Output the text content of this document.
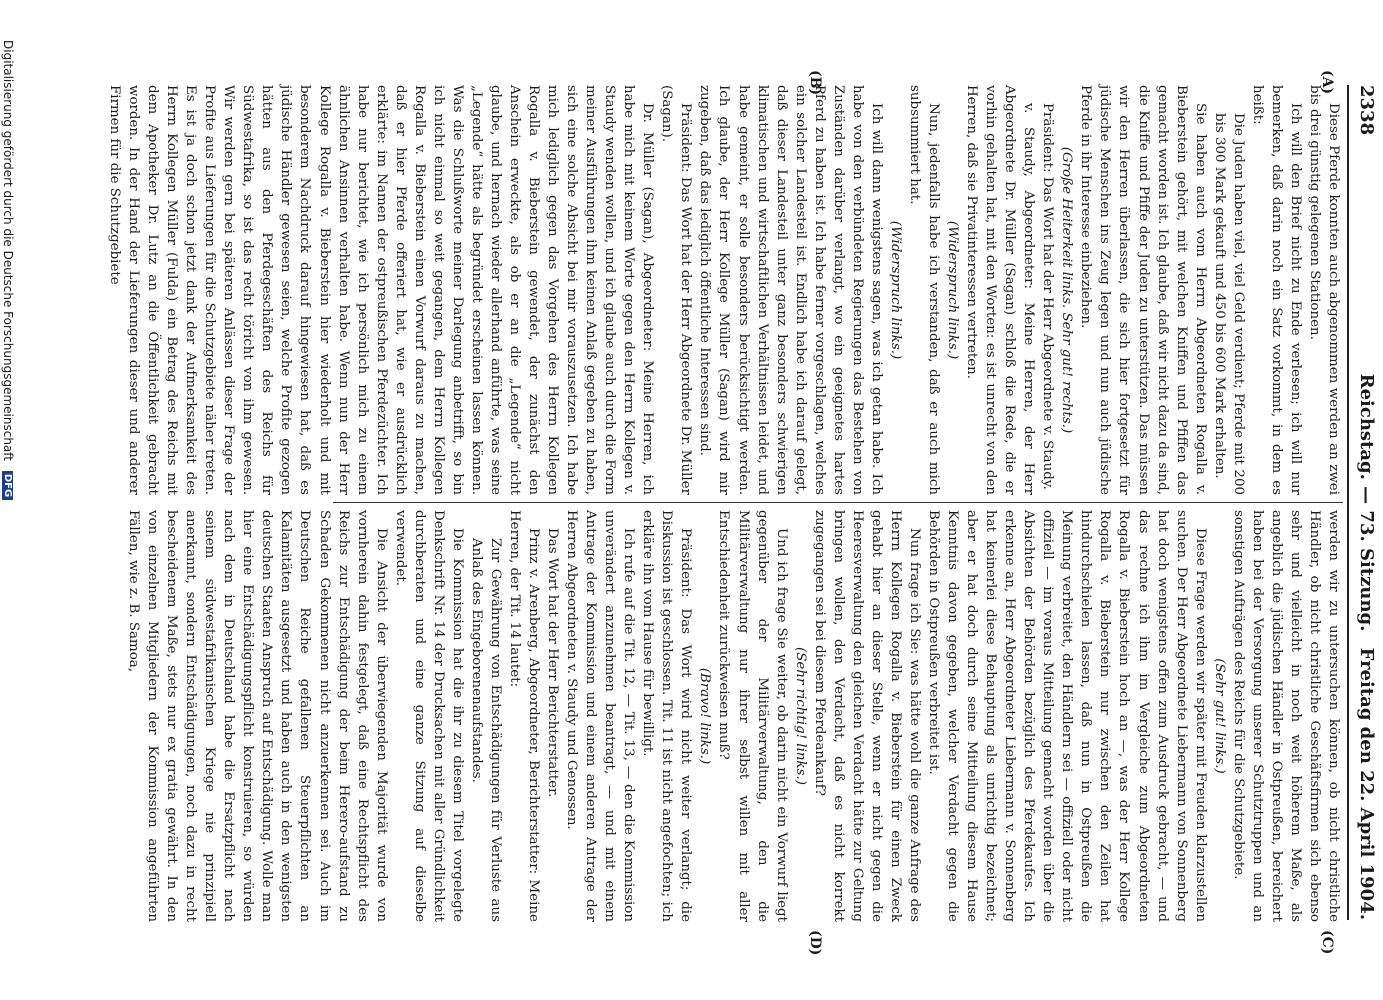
2338
Reichstag. — 73. Sitzung.
Freitag den 22. April 1904.
(A)
(B)
(C)
(D)

Diese Pferde konnten auch abgenommen werden an zwei bis drei günstig gelegenen Stationen.

Ich will den Brief nicht zu Ende verlesen; ich will nur bemerken, daß darin noch ein Satz vorkommt, in dem es heißt:

Die Juden haben viel, viel Geld verdient; Pferde mit 200 bis 300 Mark gekauft und 450 bis 600 Mark erhalten.

Sie haben auch vom Herrn Abgeordneten Rogalla v. Bieberstein gehört, mit welchen Kniffen und Pfiffen das gemacht worden ist. Ich glaube, daß wir nicht dazu da sind, die Kniffe und Pfiffe der Juden zu unterstützen. Das müssen wir den Herren überlassen, die sich hier fortgesetzt für jüdische Menschen ins Zeug legen und nun auch jüdische Pferde in ihr Interesse einbeziehen.

(Große Heiterkeit links. Sehr gut! rechts.)

Präsident: Das Wort hat der Herr Abgeordnete v. Staudy.

v. Staudy, Abgeordneter: Meine Herren, der Herr Abgeordnete Dr. Müller (Sagan) schloß die Rede, die er vorhin gehalten hat, mit den Worten: es ist unrecht von den Herren, daß sie Privatinteressen vertreten.

(Widerspruch links.)

Nun, jedenfalls habe ich verstanden, daß er auch mich subsummiert hat.

(Widerspruch links.)

Ich will dann wenigstens sagen, was ich getan habe. Ich habe von den verbündeten Regierungen das Bestehen von Zuständen darüber verlangt, wo ein geeignetes hartes Pferd zu haben ist. Ich habe ferner vorgeschlagen, welches ein solcher Landesteil ist. Endlich habe ich darauf gelegt, daß dieser Landesteil unter ganz besonders schwierigen klimatischen und wirtschaftlichen Verhältnissen leidet, und habe gemeint, er solle besonders berücksichtigt werden. Ich glaube, der Herr Kollege Müller (Sagan) wird mir zugeben, daß das lediglich öffentliche Interessen sind.

Präsident: Das Wort hat der Herr Abgeordnete Dr. Müller (Sagan).

Dr. Müller (Sagan), Abgeordneter: Meine Herren, ich habe mich mit keinem Worte gegen den Herrn Kollegen v. Staudy wenden wollen, und ich glaube auch durch die Form meiner Ausführungen ihm keinen Anlaß gegeben zu haben, sich eine solche Absicht bei mir vorauszusetzen. Ich habe mich lediglich gegen das Vorgehen des Herrn Kollegen Rogalla v. Bieberstein gewendet, der zunächst den Anschein erweckte, als ob er an die „Legende“ nicht glaube, und hernach wieder allerhand anführte, was seine „Legende“ hätte als begründet erscheinen lassen können. Was die Schlußworte meiner Darlegung anbetrifft, so bin ich nicht einmal so weit gegangen, dem Herrn Kollegen Rogalla v. Bieberstein einen Vorwurf daraus zu machen, daß er hier Pferde offeriert hat, wie er ausdrücklich erklärte: im Namen der ostpreußischen Pferdezüchter. Ich habe nur berichtet, wie ich persönlich mich zu einem ähnlichen Ansinnen verhalten habe. Wenn nun der Herr Kollege Rogalla v. Bieberstein hier wiederholt und mit besonderem Nachdruck darauf hingewiesen hat, daß es jüdische Händler gewesen seien, welche Profite gezogen hätten aus den Pferdegeschäften des Reichs für Südwestafrika, so ist das recht töricht von ihm gewesen. Wir werden gern bei späteren Anlässen dieser Frage der Profite aus Lieferungen für die Schutzgebiete näher treten. Es ist ja doch schon jetzt dank der Aufmerksamkeit des Herrn Kollegen Müller (Fulda) ein Betrag des Reichs mit dem Apotheker Dr. Lutz an die Öffentlichkeit gebracht worden. In der Hand der Lieferungen dieser und anderer Firmen für die Schutzgebiete

werden wir zu untersuchen können, ob nicht christliche Händler, ob nicht christliche Geschäftsfirmen sich ebenso sehr und vielleicht in noch weit höherem Maße, als angeblich die jüdischen Händler in Ostpreußen, bereichert haben bei der Versorgung unserer Schutztruppen und an sonstigen Aufträgen des Reichs für die Schutzgebiete.

(Sehr gut! links.)

Diese Frage werden wir später mit Freuden klarzustellen suchen. Der Herr Abgeordnete Liebermann von Sonnenberg hat doch wenigstens offen zum Ausdruck gebracht, — und das rechne ich ihm im Vergleiche zum Abgeordneten Rogalla v. Bieberstein hoch an —, was der Herr Kollege Rogalla v. Bieberstein nur zwischen den Zeilen hat hindurchschielen lassen, daß nun in Ostpreußen die Meinung verbreitet, den Händlern sei — offiziell oder nicht offiziell — im voraus Mitteilung gemacht worden über die Absichten der Behörden bezüglich des Pferdekaufes. Ich erkenne an, Herr Abgeordneter Liebermann v. Sonnenberg hat keinerlei diese Behauptung als unrichtig bezeichnet; aber er hat doch durch seine Mitteilung diesem Hause Kenntnis davon gegeben, welcher Verdacht gegen die Behörden in Ostpreußen verbreitet ist.

Nun frage ich Sie: was hätte wohl die ganze Anfrage des Herrn Kollegen Rogalla v. Bieberstein für einen Zweck gehabt hier an dieser Stelle, wenn er nicht gegen die Heeresverwaltung den gleichen Verdacht hätte zur Geltung bringen wollen, den Verdacht, daß es nicht korrekt zugegangen sei bei diesem Pferdeankauf?

(Sehr richtig! links.)

Und ich frage Sie weiter, ob darin nicht ein Vorwurf liegt gegenüber der Militärverwaltung, den die Militärverwaltung nur ihrer selbst willen mit aller Entschiedenheit zurückweisen muß?

(Bravo! links.)

Präsident: Das Wort wird nicht weiter verlangt; die Diskussion ist geschlossen. Tit. 11 ist nicht angefochten; ich erkläre ihn vom Hause für bewilligt.

Ich rufe auf die Tit. 12, — Tit. 13, — den die Kommission unverändert anzunehmen beantragt, — und mit einem Antrage der Kommission und einem anderen Antrage der Herren Abgeordneten v. Staudy und Genossen.

Das Wort hat der Herr Berichterstatter.

Prinz v. Arenberg, Abgeordneter, Berichterstatter: Meine Herren, der Tit. 14 lautet:

Zur Gewährung von Entschädigungen für Verluste aus Anlaß des Eingeborenenaufstandes.

Die Kommission hat die ihr zu diesem Titel vorgelegte Denkschrift Nr. 14 der Drucksachen mit aller Gründlichkeit durchberaten und eine ganze Sitzung auf dieselbe verwendet.

Die Ansicht der überwiegenden Majorität wurde von vornherein dahin festgelegt, daß eine Rechtspflicht des Reichs zur Entschädigung der beim Herero-aufstand zu Schaden Gekommenen nicht anzuerkennen sei. Auch im Deutschen Reiche gefallenen Steuerpflichten an Kalamitäten ausgesetzt und haben auch in den wenigsten deutschen Staaten Anspruch auf Entschädigung. Wolle man hier eine Entschädigungspflicht konstruieren, so würden nach dem in Deutschland habe die Ersatzpflicht nach seinem südwestafrikanischen Kriege nie prinzipiell anerkannt, sondern Entschädigungen, noch dazu in recht bescheidenem Maße, stets nur ex gratia gewährt. In den von einzelnen Mitgliedern der Kommission angeführten Fällen, wie z. B. Samoa,

Digitalisierung gefördert durch die Deutsche Forschungsgemeinschaft DFG
